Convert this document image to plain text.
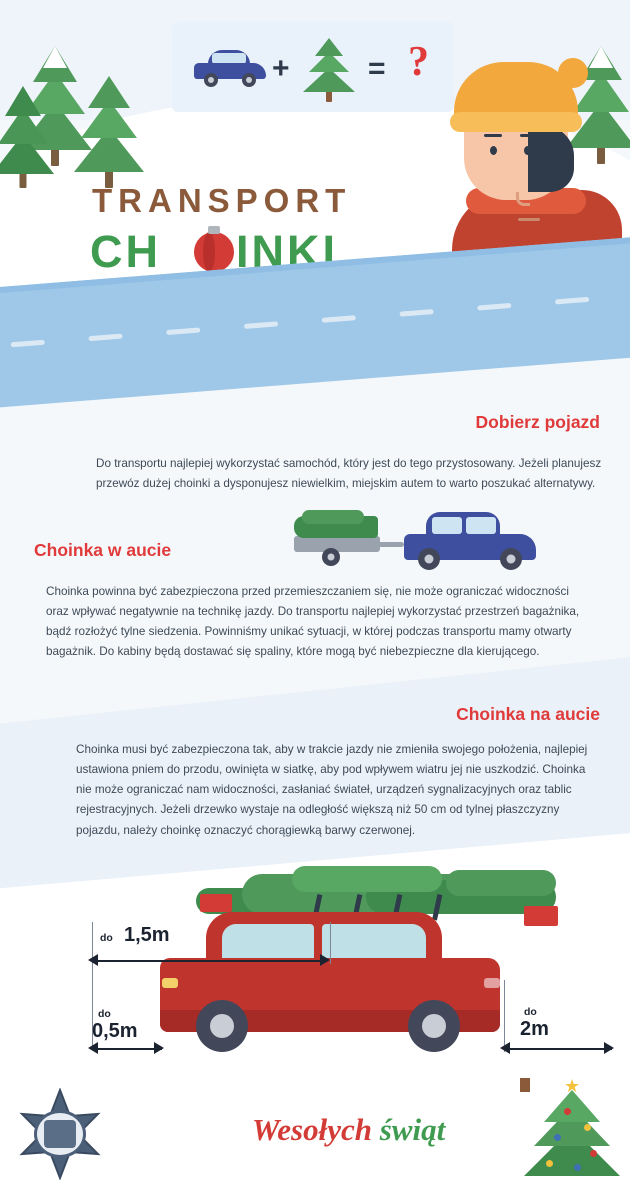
+	= ?
TRANSPORT
CH INKI
Dobierz pojazd
Do transportu najlepiej wykorzystać samochód, który jest do tego przystosowany. Jeżeli planujesz przewóz dużej choinki a dysponujesz niewielkim, miejskim autem to warto poszukać alternatywy.
Choinka w aucie
Choinka powinna być zabezpieczona przed przemieszczaniem się, nie może ograniczać widoczności oraz wpływać negatywnie na technikę jazdy. Do transportu najlepiej wykorzystać przestrzeń bagażnika, bądź rozłożyć tylne siedzenia. Powinniśmy unikać sytuacji, w której podczas transportu mamy otwarty bagażnik. Do kabiny będą dostawać się spaliny, które mogą być niebezpieczne dla kierującego.
Choinka na aucie
Choinka musi być zabezpieczona tak, aby w trakcie jazdy nie zmieniła swojego położenia, najlepiej ustawiona pniem do przodu, owinięta w siatkę, aby pod wpływem wiatru jej nie uszkodzić. Choinka nie może ograniczać nam widoczności, zasłaniać świateł, urządzeń sygnalizacyjnych oraz tablic rejestracyjnych. Jeżeli drzewko wystaje na odległość większą niż 50 cm od tylnej płaszczyzny pojazdu, należy choinkę oznaczyć chorągiewką barwy czerwonej.
do 1,5m
do
0,5m
do
2m
Wesołych świąt
★
